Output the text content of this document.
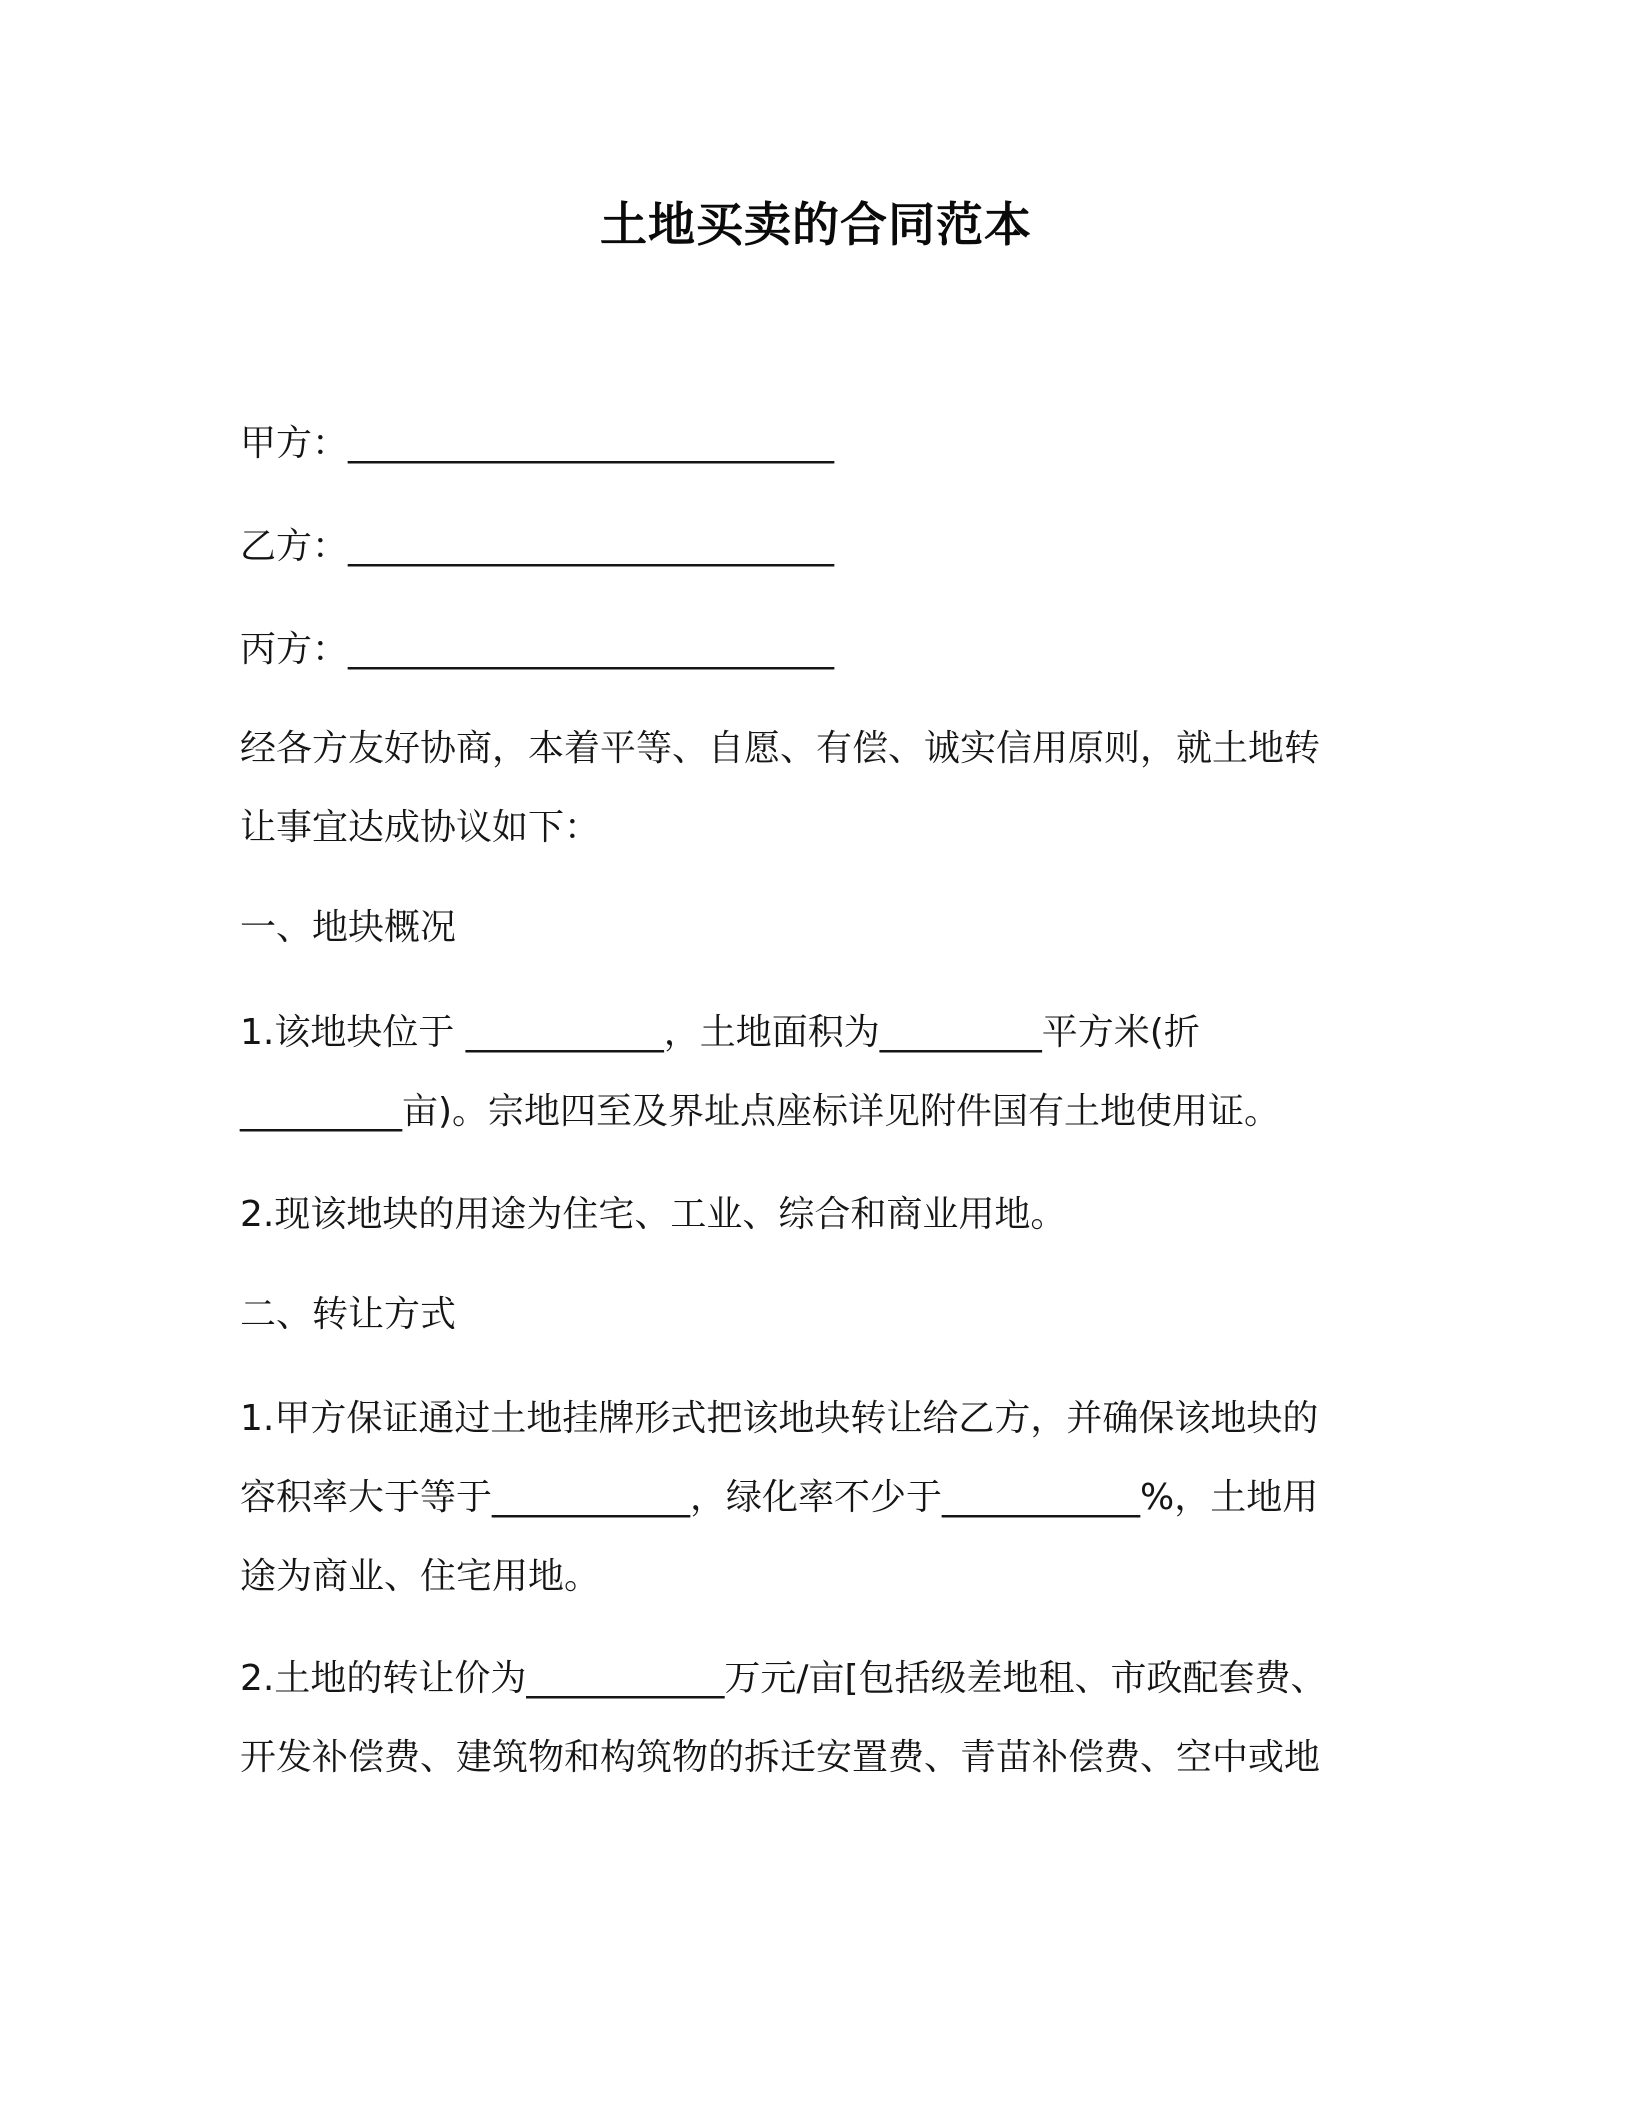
土地买卖的合同范本
甲方：___________________________
乙方：___________________________
丙方：___________________________
经各方友好协商，本着平等、自愿、有偿、诚实信用原则，就土地转
让事宜达成协议如下：
一、地块概况
1.该地块位于 ___________，土地面积为_________平方米(折
_________亩)。宗地四至及界址点座标详见附件国有土地使用证。
2.现该地块的用途为住宅、工业、综合和商业用地。
二、转让方式
1.甲方保证通过土地挂牌形式把该地块转让给乙方，并确保该地块的
容积率大于等于___________，绿化率不少于___________%，土地用
途为商业、住宅用地。
2.土地的转让价为___________万元/亩[包括级差地租、市政配套费、
开发补偿费、建筑物和构筑物的拆迁安置费、青苗补偿费、空中或地
